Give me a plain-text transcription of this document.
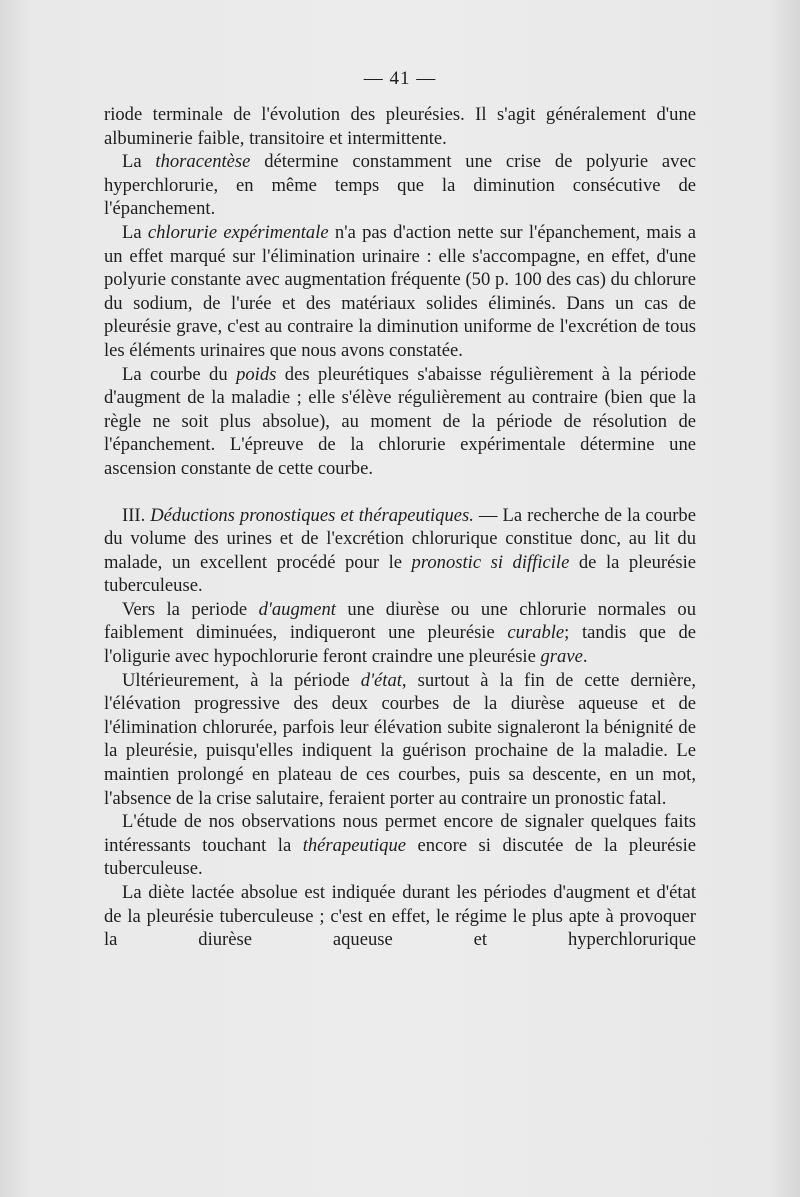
— 41 —

riode terminale de l'évolution des pleurésies. Il s'agit généralement d'une albuminerie faible, transitoire et intermittente.

La thoracentèse détermine constamment une crise de polyurie avec hyperchlorurie, en même temps que la diminution consécutive de l'épanchement.

La chlorurie expérimentale n'a pas d'action nette sur l'épanchement, mais a un effet marqué sur l'élimination urinaire : elle s'accompagne, en effet, d'une polyurie constante avec augmentation fréquente (50 p. 100 des cas) du chlorure du sodium, de l'urée et des matériaux solides éliminés. Dans un cas de pleurésie grave, c'est au contraire la diminution uniforme de l'excrétion de tous les éléments urinaires que nous avons constatée.

La courbe du poids des pleurétiques s'abaisse régulièrement à la période d'augment de la maladie ; elle s'élève régulièrement au contraire (bien que la règle ne soit plus absolue), au moment de la période de résolution de l'épanchement. L'épreuve de la chlorurie expérimentale détermine une ascension constante de cette courbe.

III. Déductions pronostiques et thérapeutiques. — La recherche de la courbe du volume des urines et de l'excrétion chlorurique constitue donc, au lit du malade, un excellent procédé pour le pronostic si difficile de la pleurésie tuberculeuse.

Vers la periode d'augment une diurèse ou une chlorurie normales ou faiblement diminuées, indiqueront une pleurésie curable; tandis que de l'oligurie avec hypochlorurie feront craindre une pleurésie grave.

Ultérieurement, à la période d'état, surtout à la fin de cette dernière, l'élévation progressive des deux courbes de la diurèse aqueuse et de l'élimination chlorurée, parfois leur élévation subite signaleront la bénignité de la pleurésie, puisqu'elles indiquent la guérison prochaine de la maladie. Le maintien prolongé en plateau de ces courbes, puis sa descente, en un mot, l'absence de la crise salutaire, feraient porter au contraire un pronostic fatal.

L'étude de nos observations nous permet encore de signaler quelques faits intéressants touchant la thérapeutique encore si discutée de la pleurésie tuberculeuse.

La diète lactée absolue est indiquée durant les périodes d'augment et d'état de la pleurésie tuberculeuse ; c'est en effet, le régime le plus apte à provoquer la diurèse aqueuse et hyperchlorurique
